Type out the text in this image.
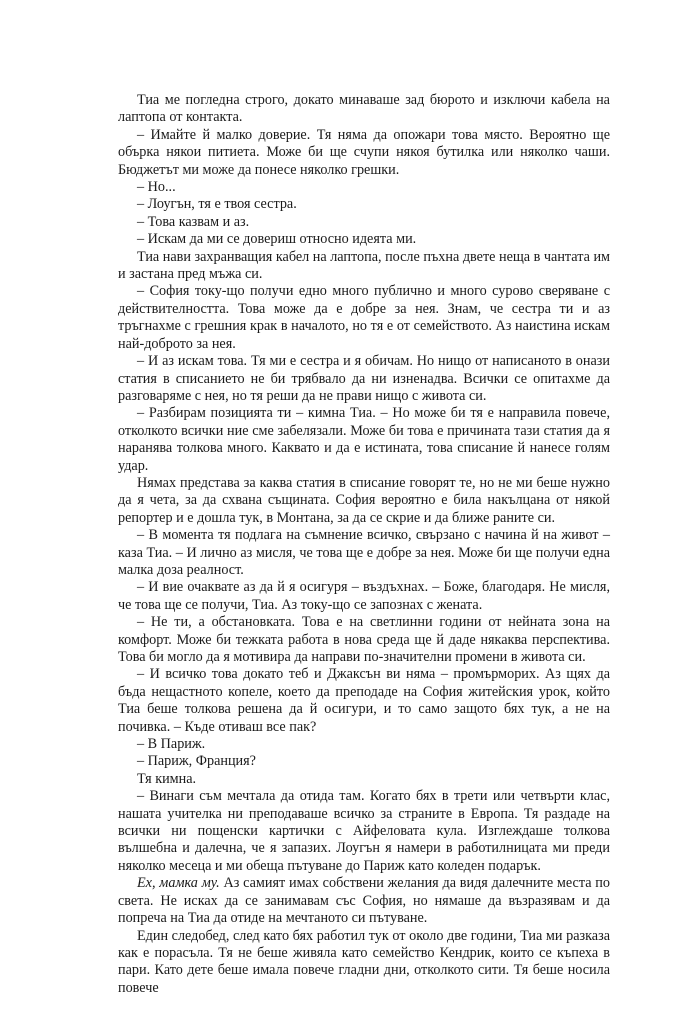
Тиа ме погледна строго, докато минаваше зад бюрото и изключи кабела на лаптопа от контакта.

– Имайте й малко доверие. Тя няма да опожари това място. Вероятно ще обърка някои питиета. Може би ще счупи някоя бутилка или няколко чаши. Бюджетът ми може да понесе няколко грешки.

– Но...

– Лоугън, тя е твоя сестра.

– Това казвам и аз.

– Искам да ми се довериш относно идеята ми.

Тиа нави захранващия кабел на лаптопа, после пъхна двете неща в чантата им и застана пред мъжа си.

– София току-що получи едно много публично и много сурово сверяване с действителността. Това може да е добре за нея. Знам, че сестра ти и аз тръгнахме с грешния крак в началото, но тя е от семейството. Аз наистина искам най-доброто за нея.

– И аз искам това. Тя ми е сестра и я обичам. Но нищо от написаното в онази статия в списанието не би трябвало да ни изненадва. Всички се опитахме да разговаряме с нея, но тя реши да не прави нищо с живота си.

– Разбирам позицията ти – кимна Тиа. – Но може би тя е направила повече, отколкото всички ние сме забелязали. Може би това е причината тази статия да я наранява толкова много. Каквато и да е истината, това списание й нанесе голям удар.

Нямах представа за каква статия в списание говорят те, но не ми беше нужно да я чета, за да схвана същината. София вероятно е била накълцана от някой репортер и е дошла тук, в Монтана, за да се скрие и да ближе раните си.

– В момента тя подлага на съмнение всичко, свързано с начина й на живот – каза Тиа. – И лично аз мисля, че това ще е добре за нея. Може би ще получи една малка доза реалност.

– И вие очаквате аз да й я осигуря – въздъхнах. – Боже, благодаря. Не мисля, че това ще се получи, Тиа. Аз току-що се запознах с жената.

– Не ти, а обстановката. Това е на светлинни години от нейната зона на комфорт. Може би тежката работа в нова среда ще й даде някаква перспектива. Това би могло да я мотивира да направи по-значителни промени в живота си.

– И всичко това докато теб и Джаксън ви няма – промърморих. Аз щях да бъда нещастното копеле, което да преподаде на София житейския урок, който Тиа беше толкова решена да й осигури, и то само защото бях тук, а не на почивка. – Къде отиваш все пак?

– В Париж.

– Париж, Франция?

Тя кимна.

– Винаги съм мечтала да отида там. Когато бях в трети или четвърти клас, нашата учителка ни преподаваше всичко за страните в Европа. Тя раздаде на всички ни пощенски картички с Айфеловата кула. Изглеждаше толкова вълшебна и далечна, че я запазих. Лоугън я намери в работилницата ми преди няколко месеца и ми обеща пътуване до Париж като коледен подарък.

Ех, мамка му. Аз самият имах собствени желания да видя далечните места по света. Не исках да се занимавам със София, но нямаше да възразявам и да попреча на Тиа да отиде на мечтаното си пътуване.

Един следобед, след като бях работил тук от около две години, Тиа ми разказа как е порасъла. Тя не беше живяла като семейство Кендрик, които се къпеха в пари. Като дете беше имала повече гладни дни, отколкото сити. Тя беше носила повече
